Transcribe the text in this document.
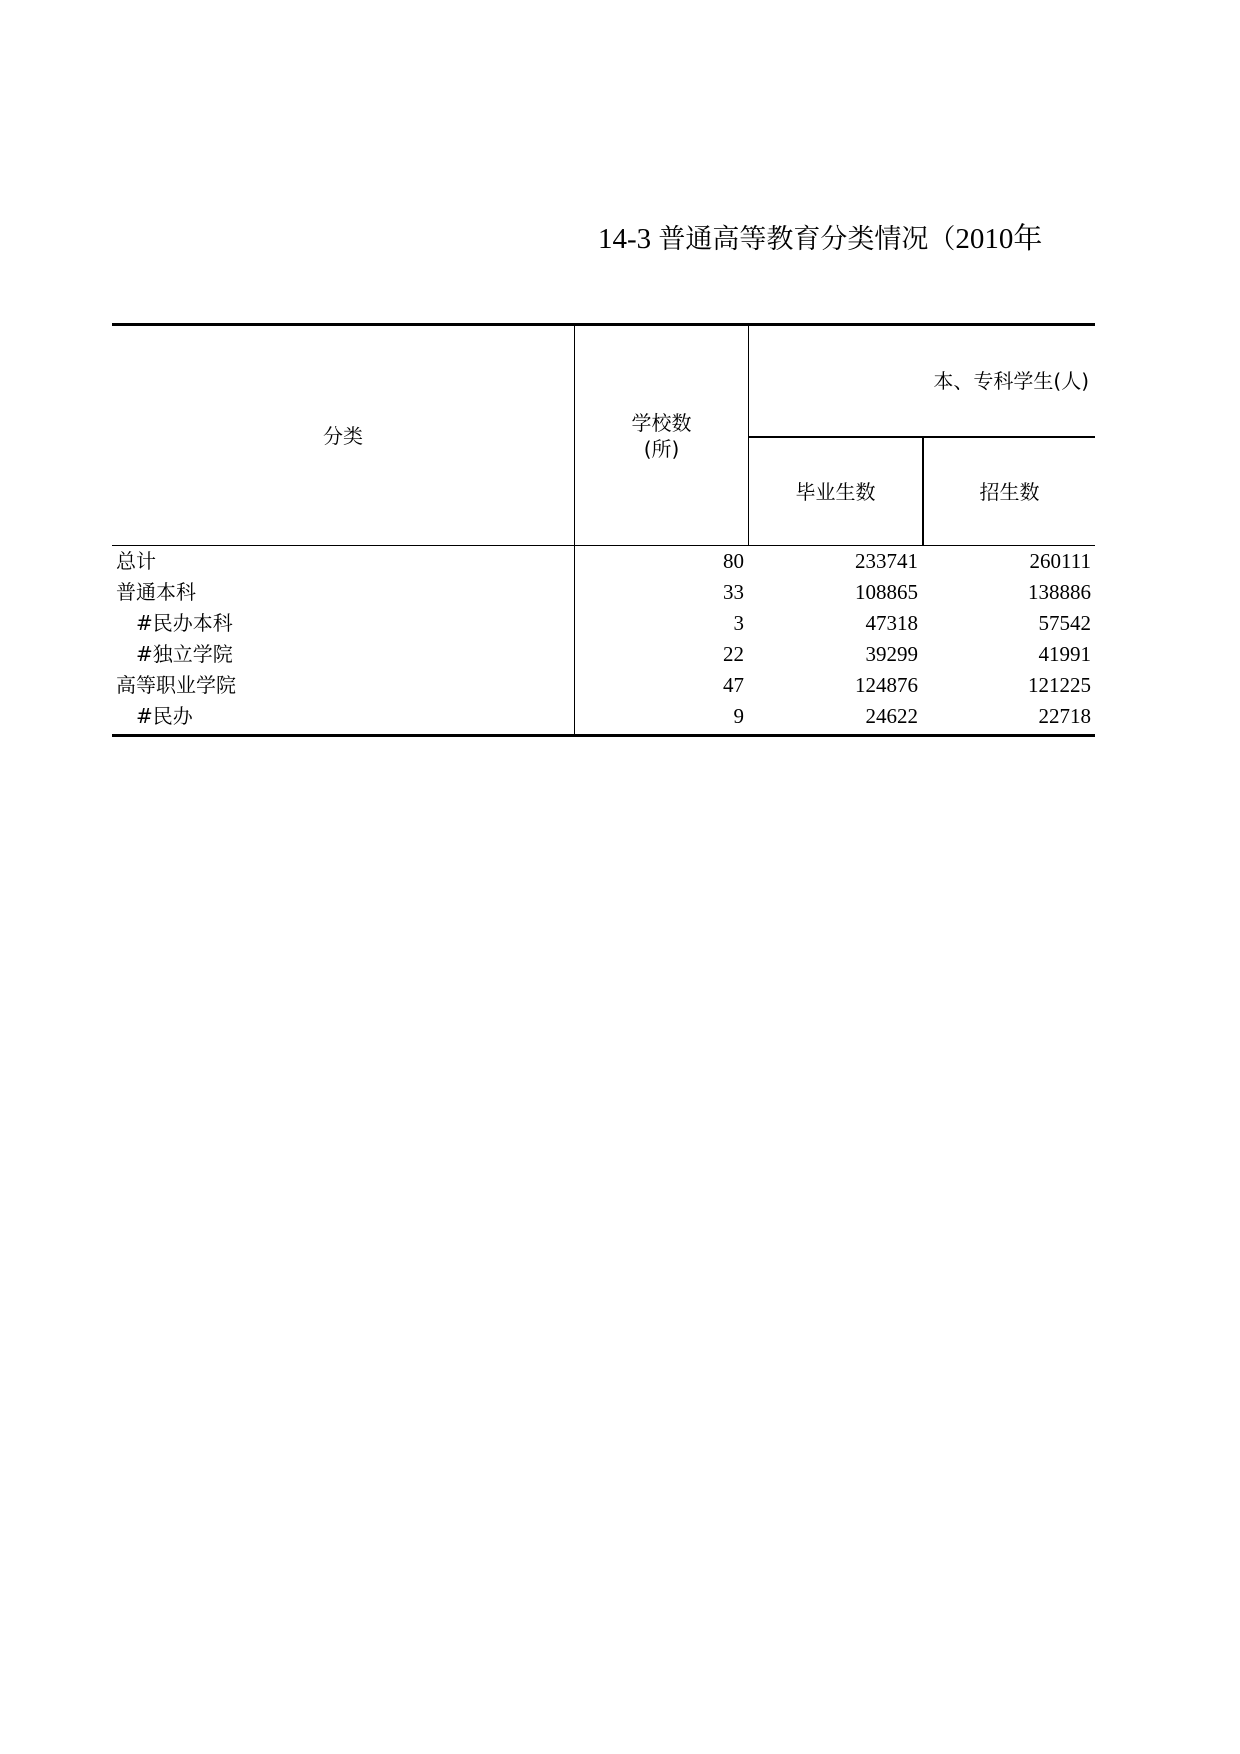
14-3 普通高等教育分类情况（2010年
分类
学校数
(所)
本、专科学生(人)
毕业生数	招生数
总计	80	233741	260111
普通本科	33	108865	138886
#民办本科	3	47318	57542
#独立学院	22	39299	41991
高等职业学院	47	124876	121225
#民办	9	24622	22718
